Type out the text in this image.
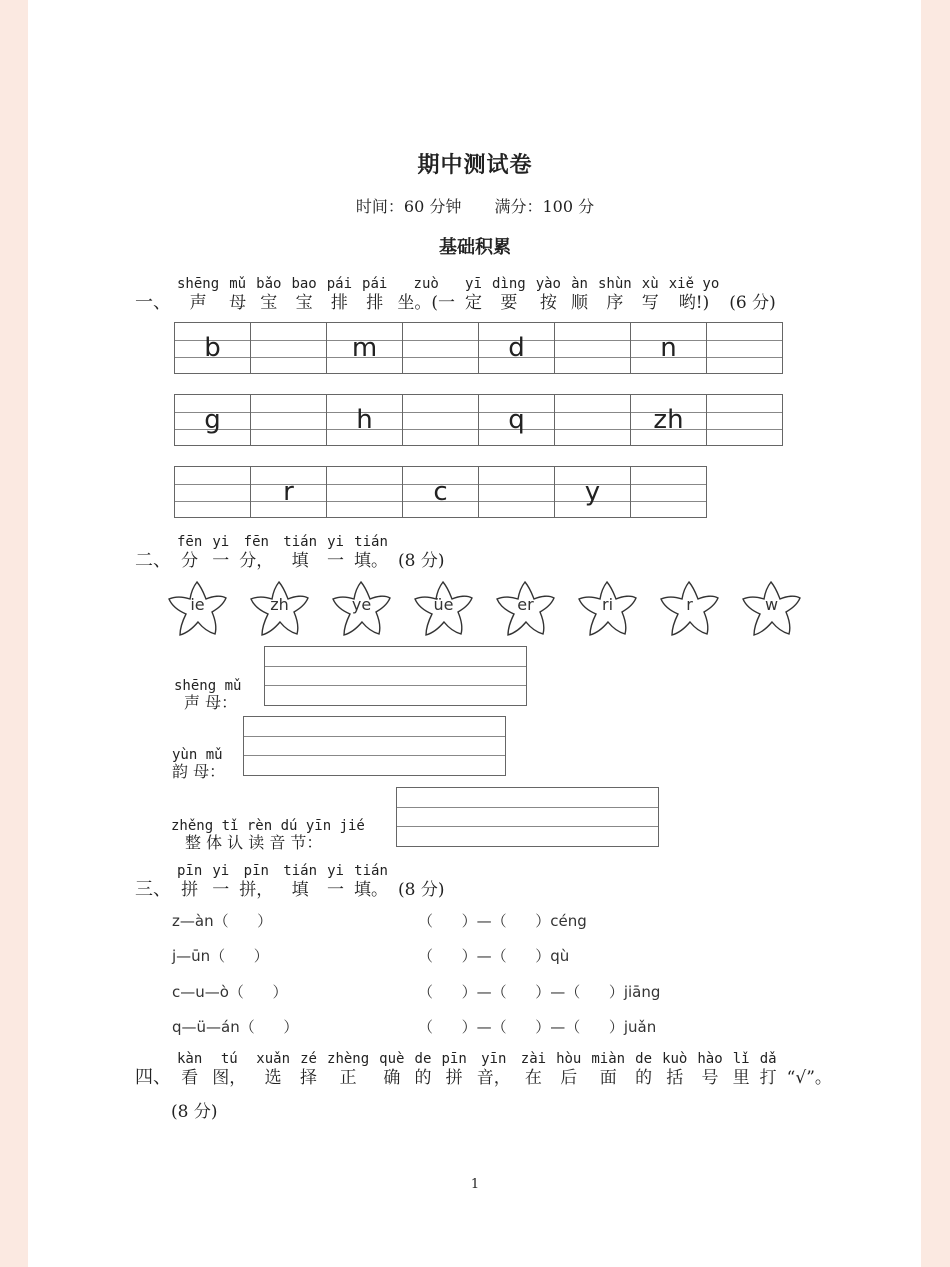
期中测试卷
时间：60 分钟 满分：100 分
基础积累
一、
shēng
声
mǔ
母
bǎo
宝
bao
宝
pái
排
pái
排
zuò
坐。(一
yī
定
dìng
要
yào
按
àn
顺
shùn
序
xù
写
xiě yo
哟!) (6 分)
b	m	d	n
g	h	q	zh
r	c	y
二、
fēn
分
yi
一
fēn
分，
tián
填
yi
一
tián
填。 (8 分)
ie	zh	ye	üe	er	ri	r	w
shēng mǔ
声 母：
yùn mǔ
韵 母：
zhěng tǐ rèn dú yīn jié
整 体 认 读 音 节：
三、
pīn
拼
yi
一
pīn
拼，
tián
填
yi
一
tián
填。 (8 分)
z—àn（      ）	（      ）—（      ）céng
j—ūn（      ）	（      ）—（      ）qù
c—u—ò（      ）	（      ）—（      ）—（      ）jiāng
q—ü—án（      ）	（      ）—（      ）—（      ）juǎn
四、
kàn
看
tú
图，
xuǎn
选
zé
择
zhèng
正
què
确
de
的
pīn
拼
yīn
音，
zài
在
hòu
后
miàn
面
de
的
kuò
括
hào
号
lǐ
里
dǎ
打 “√”。
(8 分)
1
